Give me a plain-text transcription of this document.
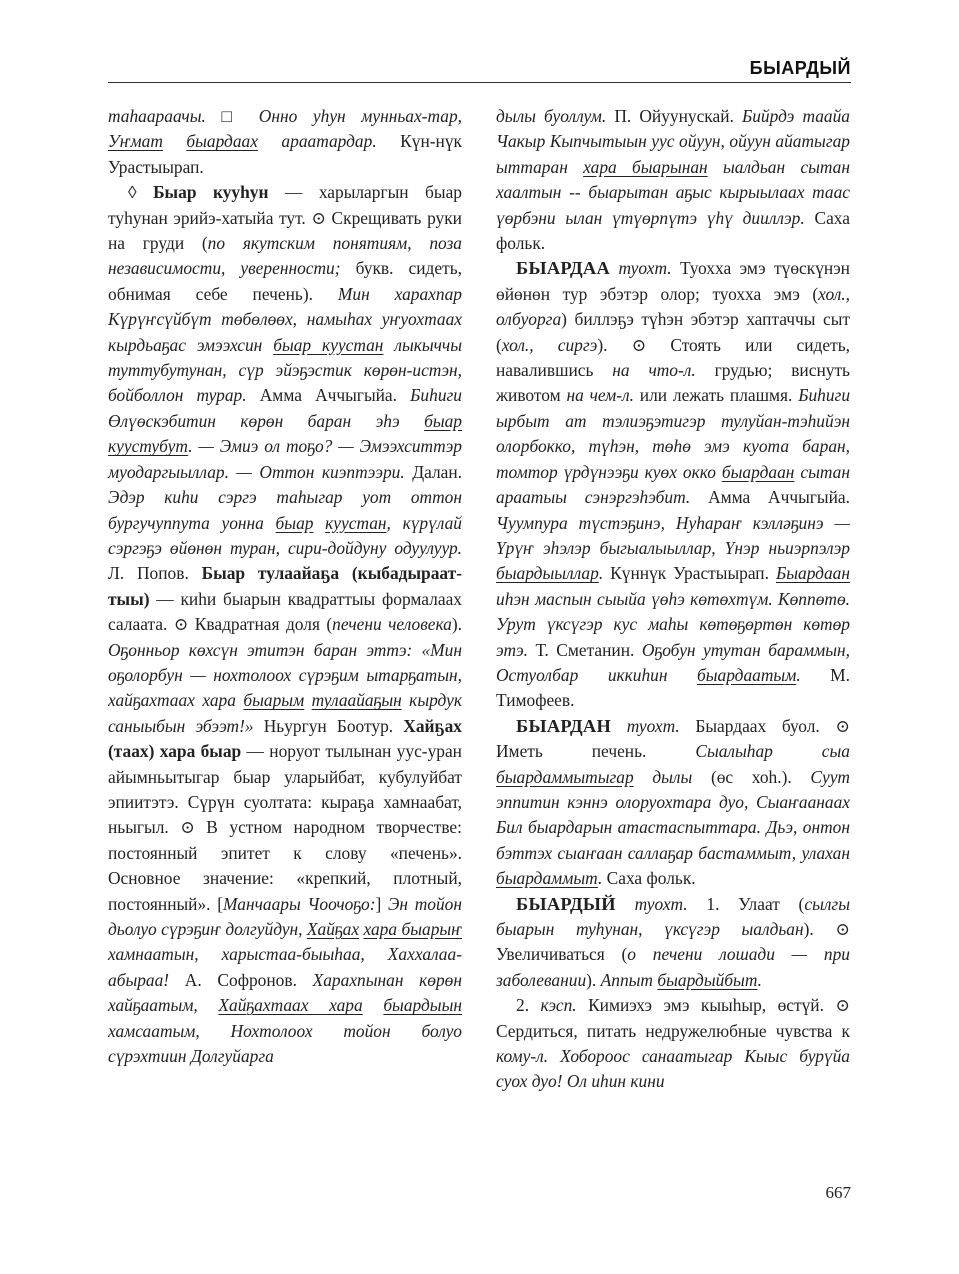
БЫАРДЫЙ

таһаараачы. □ Онно уһун мунньах-тар, Уҥмат быардаах араатардар. Күн-нүк Урастыырап.

◊ Быар кууһун — харыларгын быар туһунан эрийэ-хатыйа тут. ⊙ Скрещивать руки на груди (по якутским понятиям, поза независимости, уверенности; букв. сидеть, обнимая себе печень). Мин харахпар Күрүҥсүйбүт төбөлөөх, намыһах уҥуохтаах кырдьаҕас эмээхсин быар куустан лыкыччы туттубутунан, сүр эйэҕэстик көрөн-истэн, бойболлон турар. Амма Аччыгыйа. Биһиги Өлүөскэбитин көрөн баран эһэ быар куустубут. — Эмиэ ол тоҕо? — Эмээхситтэр муодаргыыллар. — Оттон киэптээри. Далан. Эдэр киһи сэргэ таһыгар уот оттон бургучуппута уонна быар куустан, күрүлай сэргэҕэ өйөнөн туран, сири-дойдуну одуулуур. Л. Попов. Быар тулаайаҕа (кыбадыраат-тыы) — киһи быарын квадраттыы формалаах салаата. ⊙ Квадратная доля (печени человека). Оҕонньор көхсүн этитэн баран эттэ: «Мин оҕолорбун — нохтолоох сүрэҕим ытарҕатын, хайҕахтаах хара быарым тулаайаҕын кырдук саныыбын эбээт!» Ньургун Боотур. Хайҕах (таах) хара быар — норуот тылынан уус-уран айымньытыгар быар уларыйбат, кубулуйбат эпиитэтэ. Сүрүн суолтата: кыраҕа хамнаабат, ньыгыл. ⊙ В устном народном творчестве: постоянный эпитет к слову «печень». Основное значение: «крепкий, плотный, постоянный». [Манчаары Чоочоҕо:] Эн тойон дьолуо сүрэҕиҥ долгуйдун, Хайҕах хара быарыҥ хамнаатын, харыстаа-быыһаа, Хаххалаа-абыраа! А. Софронов. Харахпынан көрөн хайҕаатым, Хайҕахтаах хара быардыын хамсаатым, Нохтолоох тойон болуо сүрэхтиин Долгуйарга

дылы буоллум. П. Ойуунускай. Бийрдэ таайа Чакыр Кыпчытыын уус ойуун, ойуун айатыгар ыттаран хара быарынан ыалдьан сытан хаалтын -- быарытан аҕыс кырыылаах таас үөрбэни ылан үтүөрпүтэ үһү дииллэр. Саха фольк.

БЫАРДАА туохт. Туохха эмэ түөскүнэн өйөнөн тур эбэтэр олор; туохха эмэ (хол., олбуорга) биллэҕэ түһэн эбэтэр хаптаччы сыт (хол., сиргэ). ⊙ Стоять или сидеть, навалившись на что-л. грудью; виснуть животом на чем-л. или лежать плашмя. Биһиги ырбыт ат тэлиэҕэтигэр тулуйан-тэһийэн олорбокко, түһэн, төһө эмэ куота баран, томтор үрдүнээҕи куөх окко быардаан сытан араатыы сэнэргэһэбит. Амма Аччыгыйа. Чуумпура түстэҕинэ, Нуһараҥ кэлләҕинэ — Үрүҥ эһэлэр быгыалыыллар, Үнэр ньиэрпэлэр быардыыллар. Күннүк Урастыырап. Быардаан иһэн маспын сыыйа үөһэ көтөхтүм. Көппөтө. Урут үксүгэр кус маһы көтөҕөртөн көтөр этэ. Т. Сметанин. Оҕобун утутан бараммын, Остуолбар иккиһин быардаатым. М. Тимофеев.

БЫАРДАН туохт. Быардаах буол. ⊙ Иметь печень. Сыалыһар сыа быардаммытыгар дылы (өс хоһ.). Суут эппитин кэннэ олоруохтара дуо, Сыаҥаанаах Бил быардарын атастаспыттара. Дьэ, онтон бэттэх сыаҥаан саллаҕар бастаммыт, улахан быардаммыт. Саха фольк.

БЫАРДЫЙ туохт. 1. Улаат (сылгы быарын туһунан, үксүгэр ыалдьан). ⊙ Увеличиваться (о печени лошади — при заболевании). Аппыт быардыйбыт.

2. кэсп. Кимиэхэ эмэ кыыһыр, өстүй. ⊙ Сердиться, питать недружелюбные чувства к кому-л. Хобороос санаатыгар Кыыс бурүйа суох дуо! Ол иһин кини

667
